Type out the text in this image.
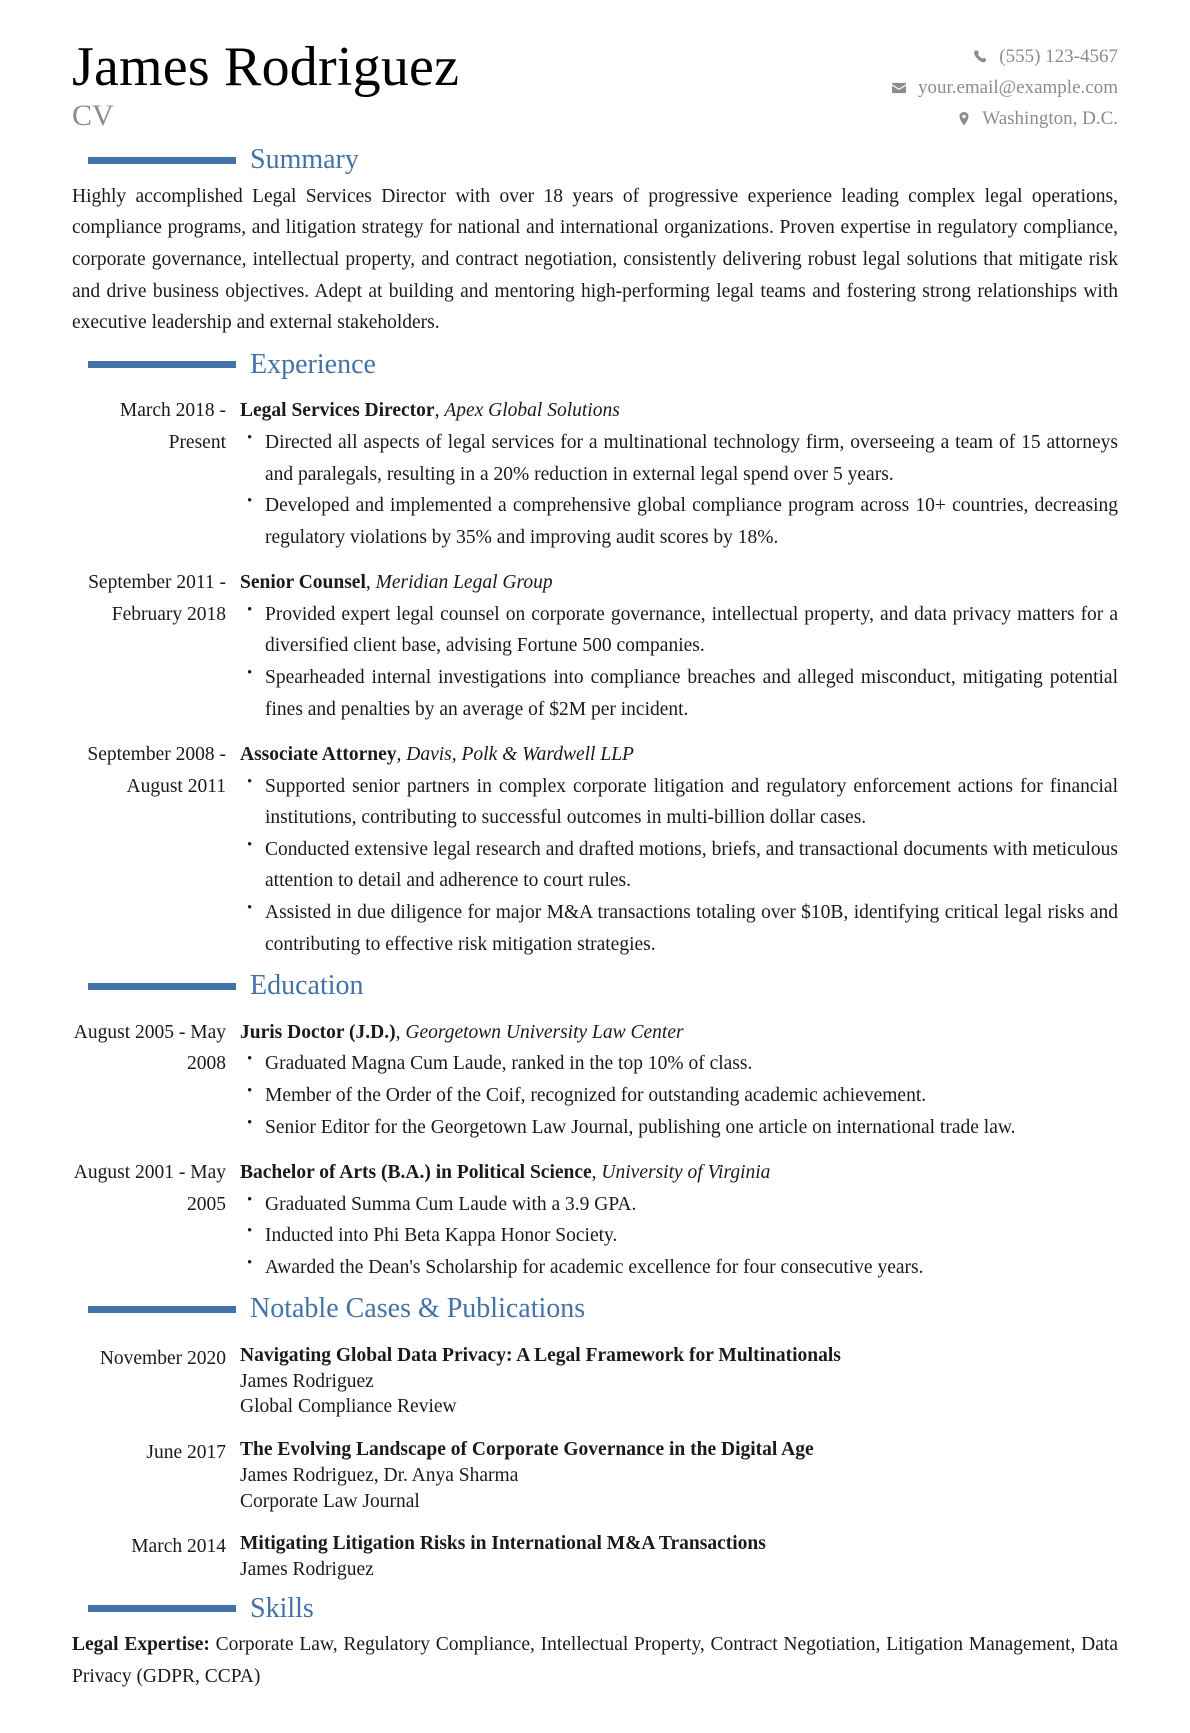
James Rodriguez
CV
(555) 123-4567
your.email@example.com
Washington, D.C.
Summary

Highly accomplished Legal Services Director with over 18 years of progressive experience leading complex legal operations, compliance programs, and litigation strategy for national and international organizations. Proven expertise in regulatory compliance, corporate governance, intellectual property, and contract negotiation, consistently delivering robust legal solutions that mitigate risk and drive business objectives. Adept at building and mentoring high-performing legal teams and fostering strong relationships with executive leadership and external stakeholders.

Experience
March 2018 - Present
Legal Services Director, Apex Global Solutions
• Directed all aspects of legal services for a multinational technology firm, overseeing a team of 15 attorneys and paralegals, resulting in a 20% reduction in external legal spend over 5 years.
• Developed and implemented a comprehensive global compliance program across 10+ countries, decreasing regulatory violations by 35% and improving audit scores by 18%.
September 2011 - February 2018
Senior Counsel, Meridian Legal Group
• Provided expert legal counsel on corporate governance, intellectual property, and data privacy matters for a diversified client base, advising Fortune 500 companies.
• Spearheaded internal investigations into compliance breaches and alleged misconduct, mitigating potential fines and penalties by an average of $2M per incident.
September 2008 - August 2011
Associate Attorney, Davis, Polk & Wardwell LLP
• Supported senior partners in complex corporate litigation and regulatory enforcement actions for financial institutions, contributing to successful outcomes in multi-billion dollar cases.
• Conducted extensive legal research and drafted motions, briefs, and transactional documents with meticulous attention to detail and adherence to court rules.
• Assisted in due diligence for major M&A transactions totaling over $10B, identifying critical legal risks and contributing to effective risk mitigation strategies.
Education
August 2005 - May 2008
Juris Doctor (J.D.), Georgetown University Law Center
• Graduated Magna Cum Laude, ranked in the top 10% of class.
• Member of the Order of the Coif, recognized for outstanding academic achievement.
• Senior Editor for the Georgetown Law Journal, publishing one article on international trade law.
August 2001 - May 2005
Bachelor of Arts (B.A.) in Political Science, University of Virginia
• Graduated Summa Cum Laude with a 3.9 GPA.
• Inducted into Phi Beta Kappa Honor Society.
• Awarded the Dean's Scholarship for academic excellence for four consecutive years.
Notable Cases & Publications
November 2020 Navigating Global Data Privacy: A Legal Framework for Multinationals
James Rodriguez
Global Compliance Review
June 2017 The Evolving Landscape of Corporate Governance in the Digital Age
James Rodriguez, Dr. Anya Sharma
Corporate Law Journal
March 2014 Mitigating Litigation Risks in International M&A Transactions
James Rodriguez
Skills
Legal Expertise: Corporate Law, Regulatory Compliance, Intellectual Property, Contract Negotiation, Litigation Management, Data Privacy (GDPR, CCPA)
